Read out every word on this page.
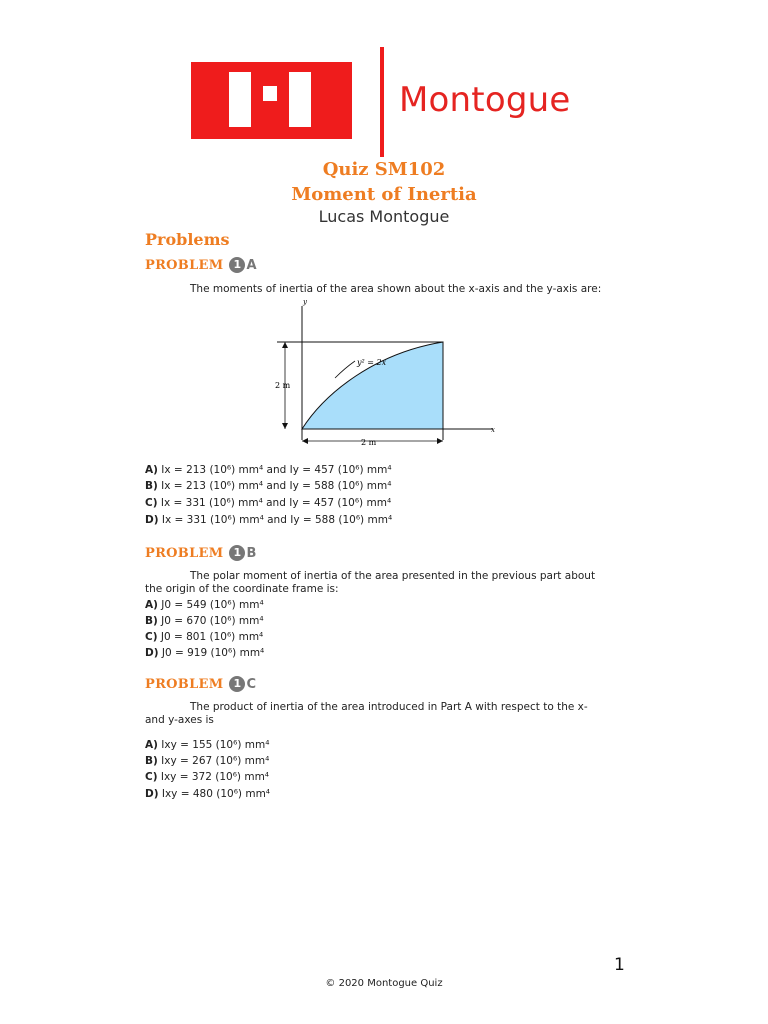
Montogue
Quiz SM102
Moment of Inertia
Lucas Montogue
Problems
PROBLEM 1 A
The moments of inertia of the area shown about the x-axis and the y-axis are:
y
x
y² = 2x
2 m
2 m
A) Ix = 213 (10⁶) mm⁴ and Iy = 457 (10⁶) mm⁴
B) Ix = 213 (10⁶) mm⁴ and Iy = 588 (10⁶) mm⁴
C) Ix = 331 (10⁶) mm⁴ and Iy = 457 (10⁶) mm⁴
D) Ix = 331 (10⁶) mm⁴ and Iy = 588 (10⁶) mm⁴
PROBLEM 1 B
The polar moment of inertia of the area presented in the previous part about
the origin of the coordinate frame is:
A) J0 = 549 (10⁶) mm⁴
B) J0 = 670 (10⁶) mm⁴
C) J0 = 801 (10⁶) mm⁴
D) J0 = 919 (10⁶) mm⁴
PROBLEM 1 C
The product of inertia of the area introduced in Part A with respect to the x-
and y-axes is
A) Ixy = 155 (10⁶) mm⁴
B) Ixy = 267 (10⁶) mm⁴
C) Ixy = 372 (10⁶) mm⁴
D) Ixy = 480 (10⁶) mm⁴
1
© 2020 Montogue Quiz
